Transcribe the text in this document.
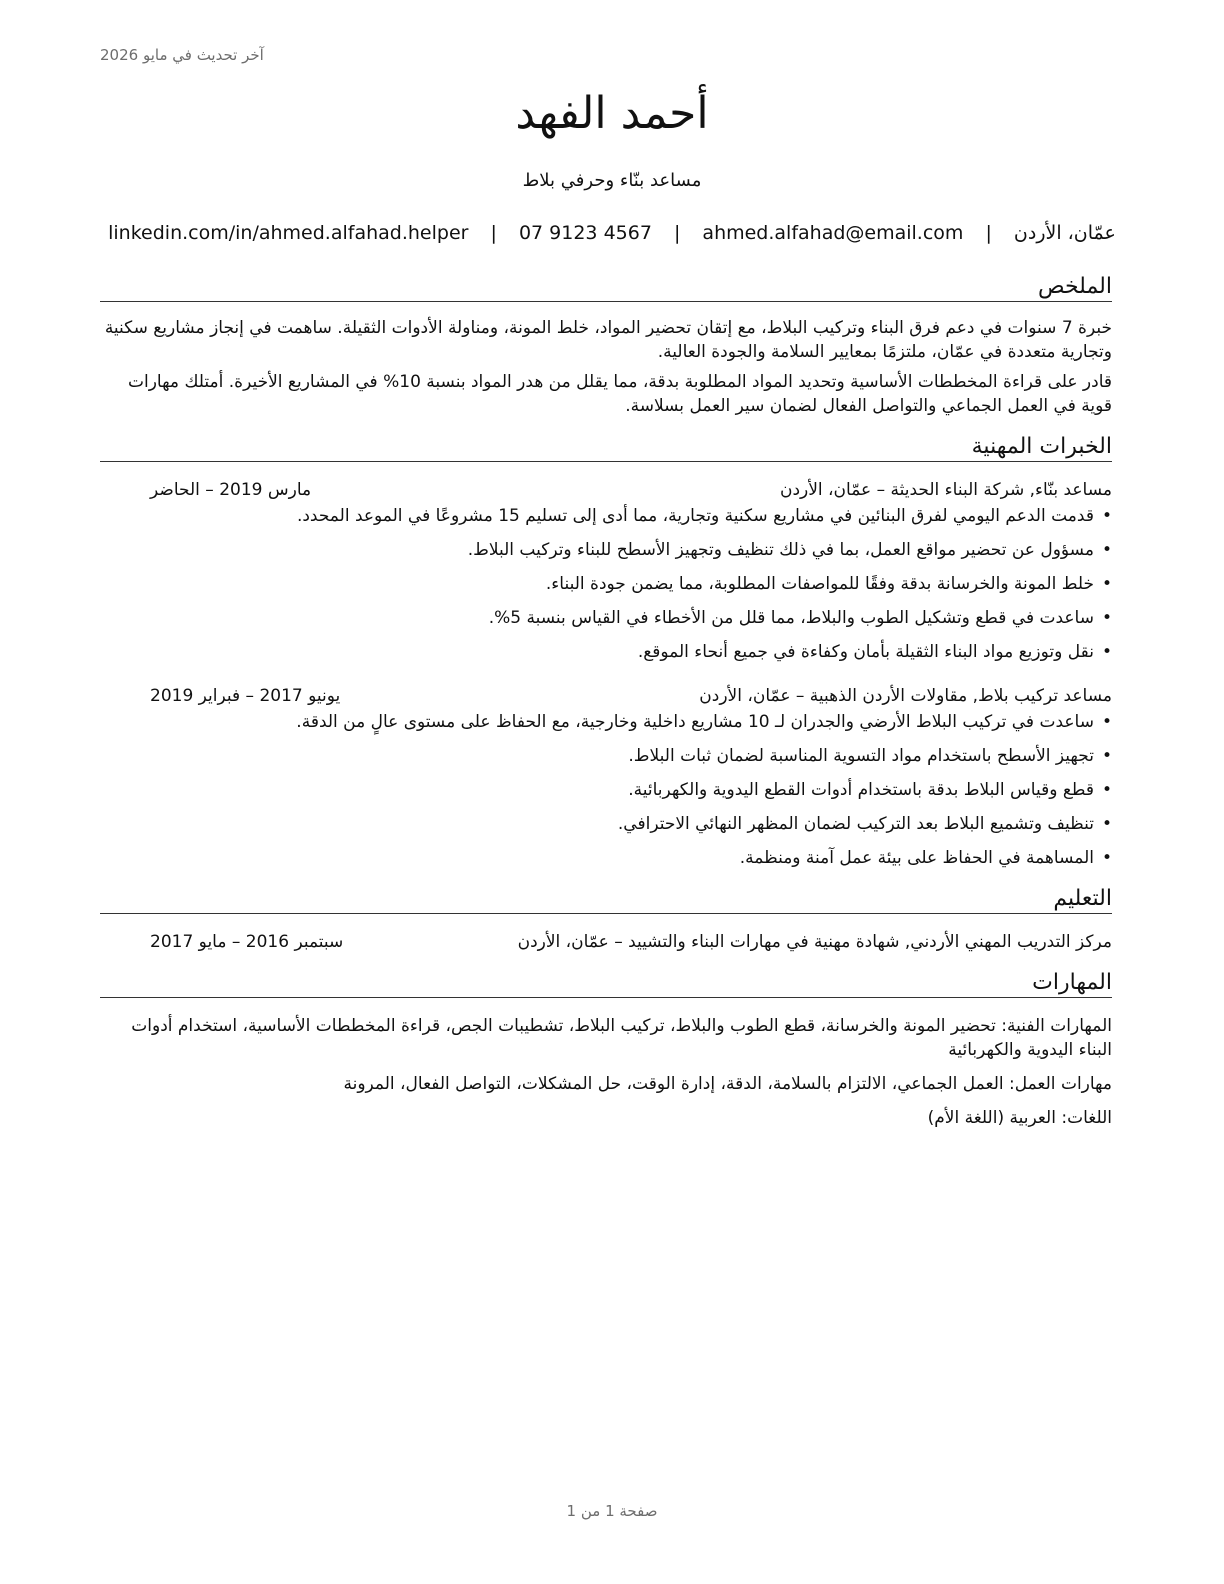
آخر تحديث في مايو 2026
أحمد الفهد
مساعد بنّاء وحرفي بلاط
عمّان، الأردن | ahmed.alfahad@email.com | 07 9123 4567 | linkedin.com/in/ahmed.alfahad.helper
الملخص

خبرة 7 سنوات في دعم فرق البناء وتركيب البلاط، مع إتقان تحضير المواد، خلط المونة، ومناولة الأدوات الثقيلة. ساهمت في إنجاز مشاريع سكنية وتجارية متعددة في عمّان، ملتزمًا بمعايير السلامة والجودة العالية.

قادر على قراءة المخططات الأساسية وتحديد المواد المطلوبة بدقة، مما يقلل من هدر المواد بنسبة 10% في المشاريع الأخيرة. أمتلك مهارات قوية في العمل الجماعي والتواصل الفعال لضمان سير العمل بسلاسة.

الخبرات المهنية
مساعد بنّاء, شركة البناء الحديثة – عمّان، الأردن
مارس 2019 – الحاضر
• قدمت الدعم اليومي لفرق البنائين في مشاريع سكنية وتجارية، مما أدى إلى تسليم 15 مشروعًا في الموعد المحدد.
• مسؤول عن تحضير مواقع العمل، بما في ذلك تنظيف وتجهيز الأسطح للبناء وتركيب البلاط.
• خلط المونة والخرسانة بدقة وفقًا للمواصفات المطلوبة، مما يضمن جودة البناء.
• ساعدت في قطع وتشكيل الطوب والبلاط، مما قلل من الأخطاء في القياس بنسبة 5%.
• نقل وتوزيع مواد البناء الثقيلة بأمان وكفاءة في جميع أنحاء الموقع.
مساعد تركيب بلاط, مقاولات الأردن الذهبية – عمّان، الأردن
يونيو 2017 – فبراير 2019
• ساعدت في تركيب البلاط الأرضي والجدران لـ 10 مشاريع داخلية وخارجية، مع الحفاظ على مستوى عالٍ من الدقة.
• تجهيز الأسطح باستخدام مواد التسوية المناسبة لضمان ثبات البلاط.
• قطع وقياس البلاط بدقة باستخدام أدوات القطع اليدوية والكهربائية.
• تنظيف وتشميع البلاط بعد التركيب لضمان المظهر النهائي الاحترافي.
• المساهمة في الحفاظ على بيئة عمل آمنة ومنظمة.
التعليم
مركز التدريب المهني الأردني, شهادة مهنية في مهارات البناء والتشييد – عمّان، الأردن
سبتمبر 2016 – مايو 2017
المهارات

المهارات الفنية: تحضير المونة والخرسانة، قطع الطوب والبلاط، تركيب البلاط، تشطيبات الجص، قراءة المخططات الأساسية، استخدام أدوات البناء اليدوية والكهربائية

مهارات العمل: العمل الجماعي، الالتزام بالسلامة، الدقة، إدارة الوقت، حل المشكلات، التواصل الفعال، المرونة

اللغات: العربية (اللغة الأم)

صفحة 1 من 1
